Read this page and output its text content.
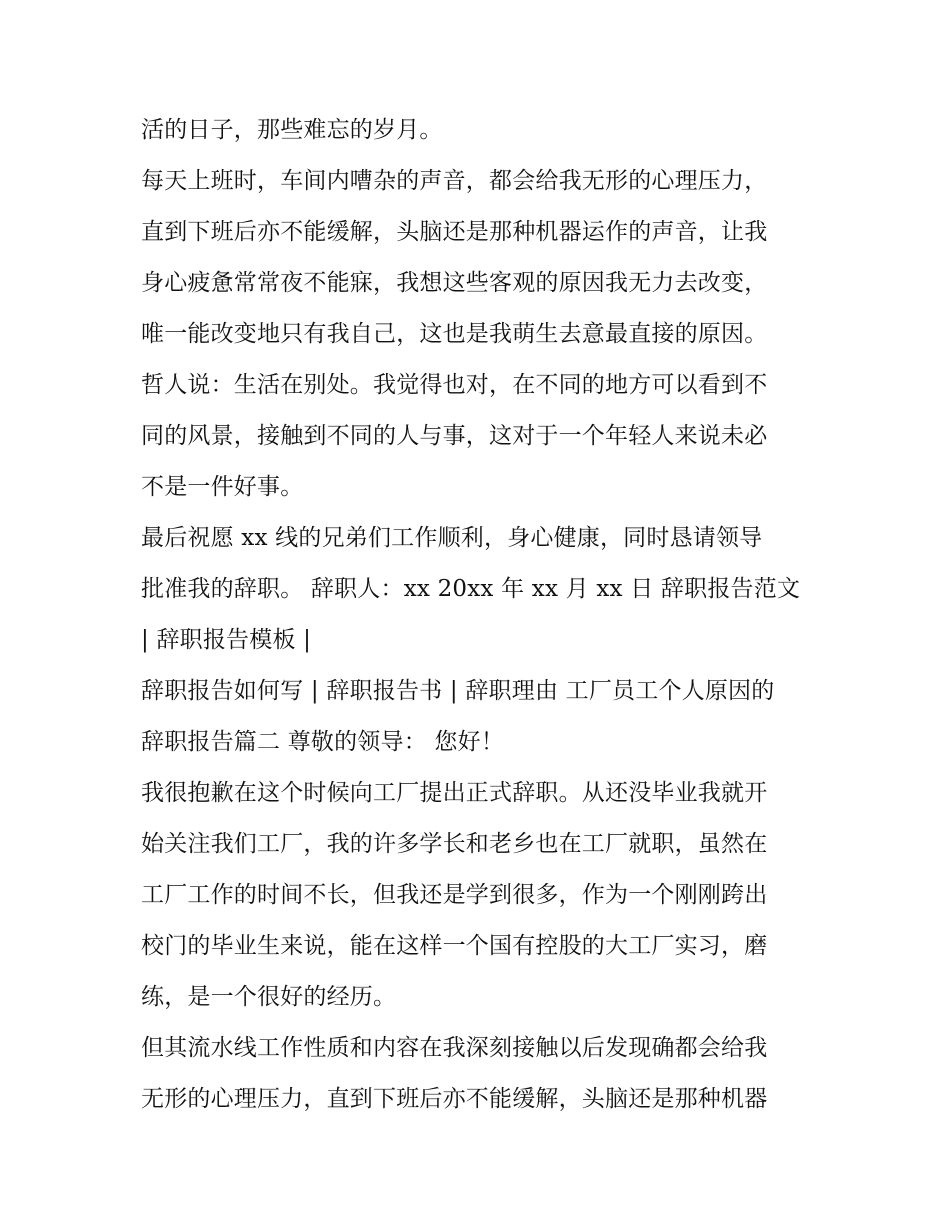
活的日子，那些难忘的岁月。
每天上班时，车间内嘈杂的声音，都会给我无形的心理压力，
直到下班后亦不能缓解，头脑还是那种机器运作的声音，让我
身心疲惫常常夜不能寐，我想这些客观的原因我无力去改变，
唯一能改变地只有我自己，这也是我萌生去意最直接的原因。
哲人说：生活在别处。我觉得也对，在不同的地方可以看到不
同的风景，接触到不同的人与事，这对于一个年轻人来说未必
不是一件好事。
最后祝愿 xx 线的兄弟们工作顺利，身心健康，同时恳请领导
批准我的辞职。 辞职人：xx 20xx 年 xx 月 xx 日 辞职报告范文
| 辞职报告模板 |
辞职报告如何写 | 辞职报告书 | 辞职理由 工厂员工个人原因的
辞职报告篇二 尊敬的领导： 您好！
我很抱歉在这个时候向工厂提出正式辞职。从还没毕业我就开
始关注我们工厂，我的许多学长和老乡也在工厂就职，虽然在
工厂工作的时间不长，但我还是学到很多，作为一个刚刚跨出
校门的毕业生来说，能在这样一个国有控股的大工厂实习，磨
练，是一个很好的经历。
但其流水线工作性质和内容在我深刻接触以后发现确都会给我
无形的心理压力，直到下班后亦不能缓解，头脑还是那种机器
